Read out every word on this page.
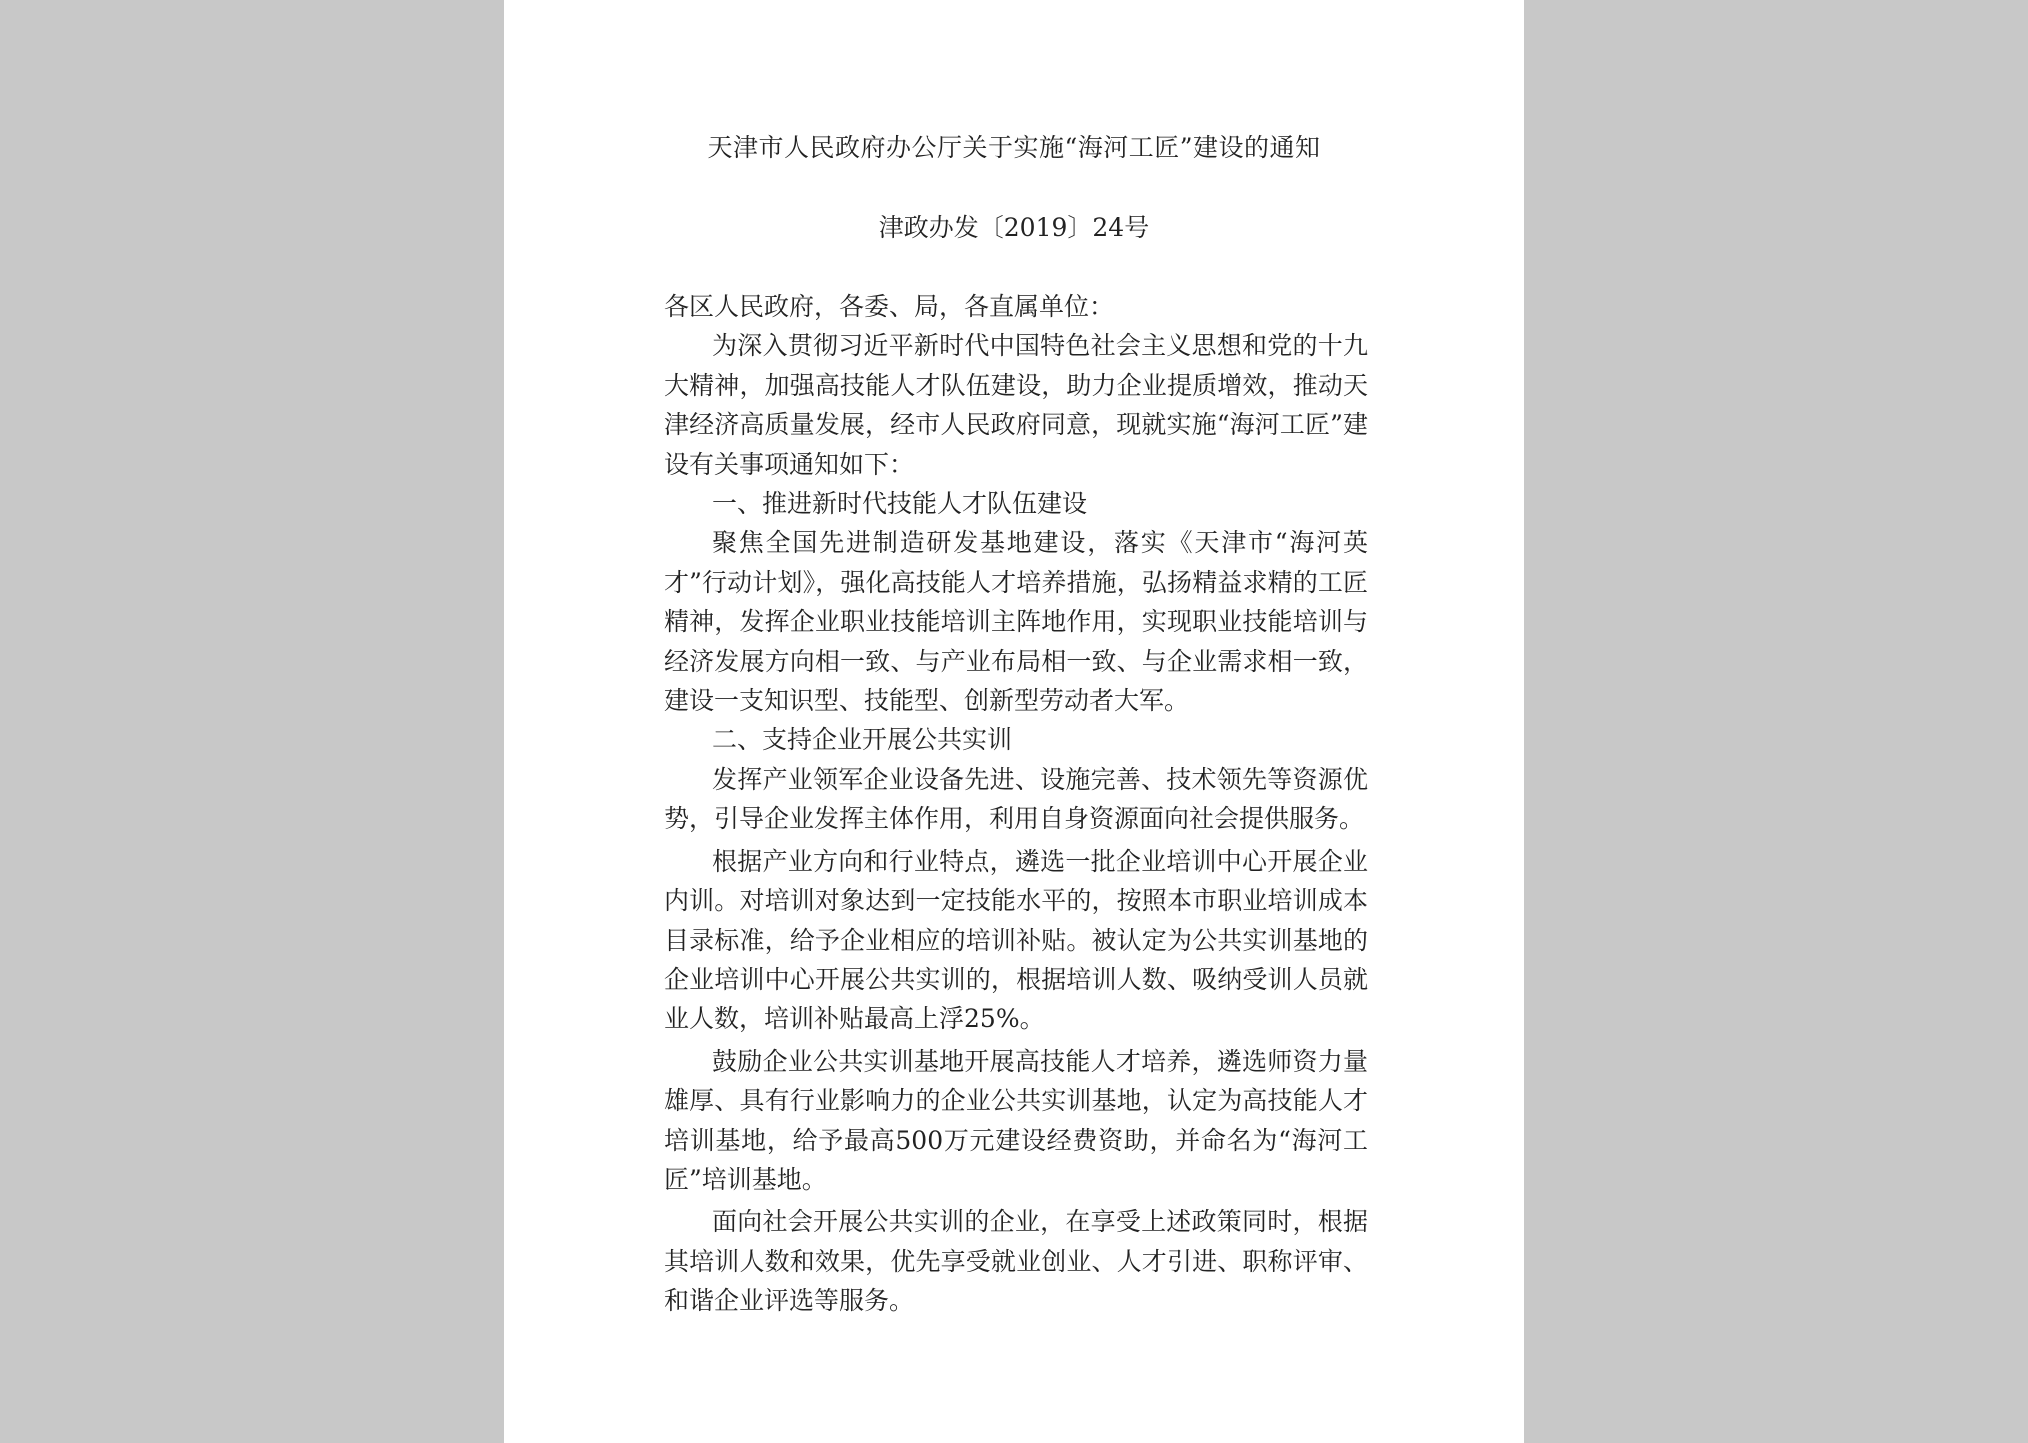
天津市人民政府办公厅关于实施“海河工匠”建设的通知
津政办发〔2019〕24号

各区人民政府，各委、局，各直属单位：

为深入贯彻习近平新时代中国特色社会主义思想和党的十九大精神，加强高技能人才队伍建设，助力企业提质增效，推动天津经济高质量发展，经市人民政府同意，现就实施“海河工匠”建设有关事项通知如下：

一、推进新时代技能人才队伍建设

聚焦全国先进制造研发基地建设，落实《天津市“海河英才”行动计划》，强化高技能人才培养措施，弘扬精益求精的工匠精神，发挥企业职业技能培训主阵地作用，实现职业技能培训与经济发展方向相一致、与产业布局相一致、与企业需求相一致，建设一支知识型、技能型、创新型劳动者大军。

二、支持企业开展公共实训

发挥产业领军企业设备先进、设施完善、技术领先等资源优势，引导企业发挥主体作用，利用自身资源面向社会提供服务。

根据产业方向和行业特点，遴选一批企业培训中心开展企业内训。对培训对象达到一定技能水平的，按照本市职业培训成本目录标准，给予企业相应的培训补贴。被认定为公共实训基地的企业培训中心开展公共实训的，根据培训人数、吸纳受训人员就业人数，培训补贴最高上浮25%。

鼓励企业公共实训基地开展高技能人才培养，遴选师资力量雄厚、具有行业影响力的企业公共实训基地，认定为高技能人才培训基地，给予最高500万元建设经费资助，并命名为“海河工匠”培训基地。

面向社会开展公共实训的企业，在享受上述政策同时，根据其培训人数和效果，优先享受就业创业、人才引进、职称评审、和谐企业评选等服务。
